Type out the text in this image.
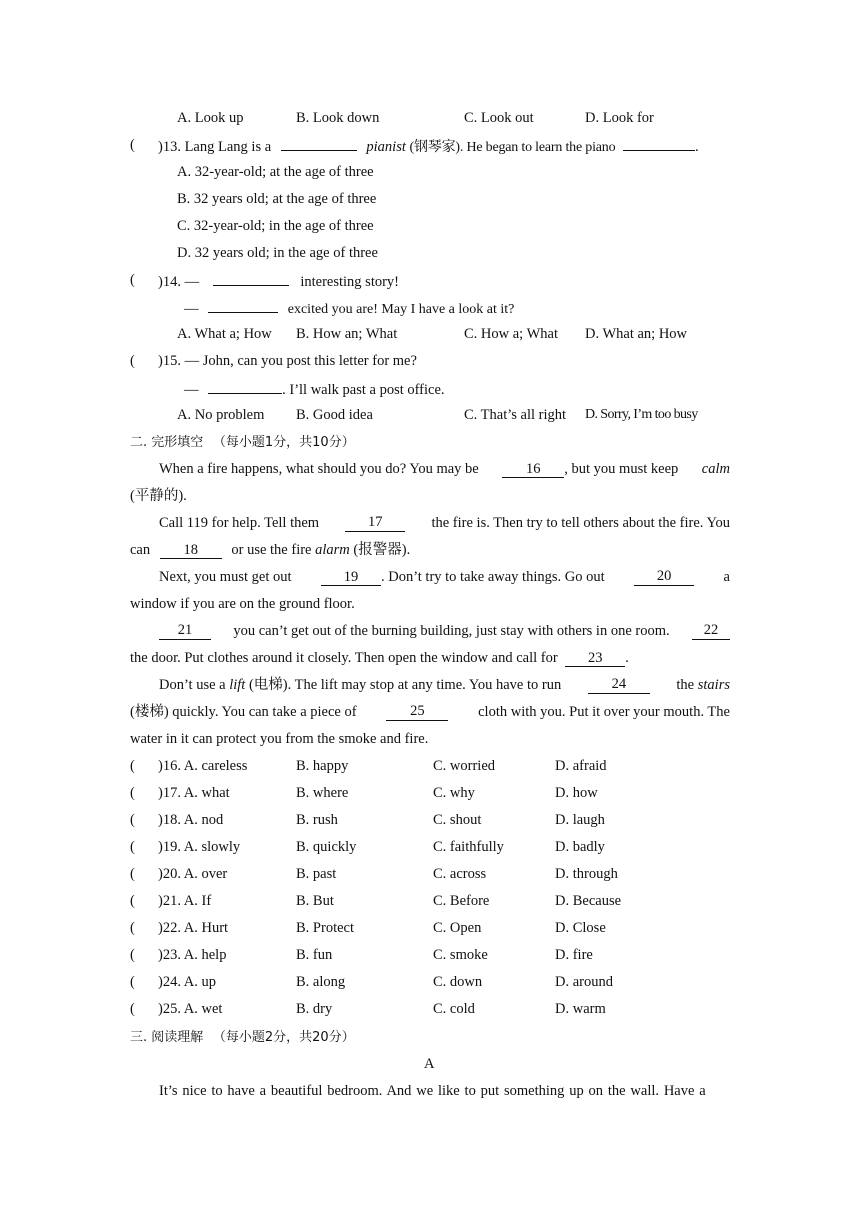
A. Look up	B. Look down	C. Look out	D. Look for
( )13. Lang Lang is a	pianist (钢琴家). He began to learn the piano	.
A. 32-year-old; at the age of three
B. 32 years old; at the age of three
C. 32-year-old; in the age of three
D. 32 years old; in the age of three
( )14. —	interesting story!
—	excited you are! May I have a look at it?
A. What a; How B. How an; What	C. How a; What D. What an; How
( )15. — John, can you post this letter for me?
—	. I’ll walk past a post office.
A. No problem B. Good idea	C. That’s all right D. Sorry, I’m too busy
二. 完形填空 （每小题1分，共10分）
When a fire happens, what should you do? You may be	16 , but you must keep calm
(平静的).
Call 119 for help. Tell them	17	the fire is. Then try to tell others about the fire. You
can 18 or use the fire alarm (报警器).
Next, you must get out	19 . Don’t try to take away things. Go out	20	a
window if you are on the ground floor.
21	you can’t get out of the burning building, just stay with others in one room.	22
the door. Put clothes around it closely. Then open the window and call for 23 .
Don’t use a lift (电梯). The lift may stop at any time. You have to run	24	the stairs
(楼梯) quickly. You can take a piece of	25	cloth with you. Put it over your mouth. The
water in it can protect you from the smoke and fire.
( )16. A. careless	B. happy	C. worried	D. afraid
( )17. A. what	B. where	C. why	D. how
( )18. A. nod	B. rush	C. shout	D. laugh
( )19. A. slowly	B. quickly	C. faithfully	D. badly
( )20. A. over	B. past	C. across	D. through
( )21. A. If	B. But	C. Before	D. Because
( )22. A. Hurt	B. Protect	C. Open	D. Close
( )23. A. help	B. fun	C. smoke	D. fire
( )24. A. up	B. along	C. down	D. around
( )25. A. wet	B. dry	C. cold	D. warm
三. 阅读理解 （每小题2分，共20分）
A
It’s nice to have a beautiful bedroom. And we like to put something up on the wall. Have a
